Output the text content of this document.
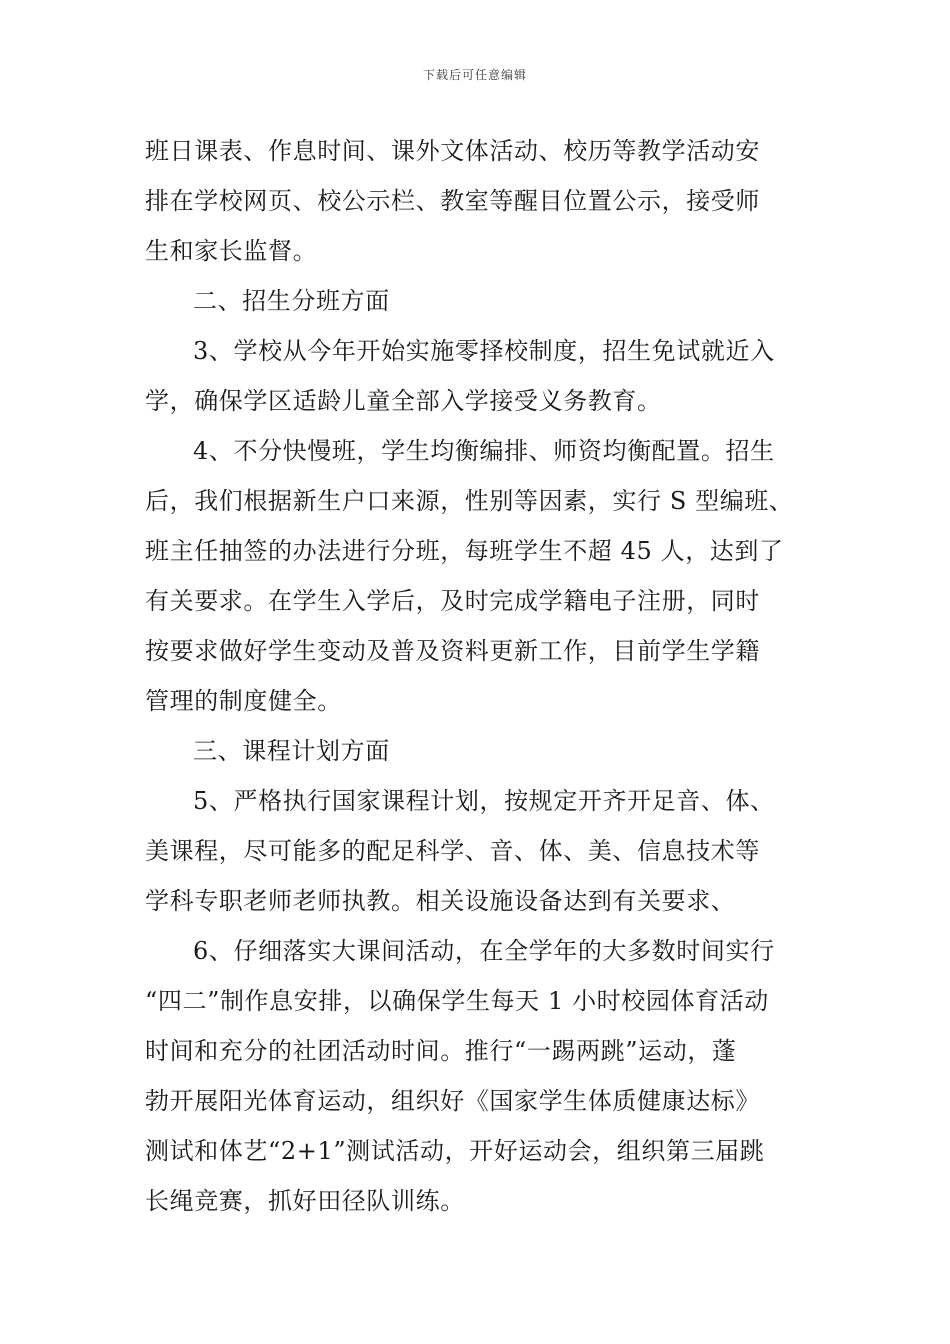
下载后可任意编辑
班日课表、作息时间、课外文体活动、校历等教学活动安
排在学校网页、校公示栏、教室等醒目位置公示，接受师
生和家长监督。
二、招生分班方面
3、学校从今年开始实施零择校制度，招生免试就近入
学，确保学区适龄儿童全部入学接受义务教育。
4、不分快慢班，学生均衡编排、师资均衡配置。招生
后，我们根据新生户口来源，性别等因素，实行 S 型编班、
班主任抽签的办法进行分班，每班学生不超 45 人，达到了
有关要求。在学生入学后，及时完成学籍电子注册，同时
按要求做好学生变动及普及资料更新工作，目前学生学籍
管理的制度健全。
三、课程计划方面
5、严格执行国家课程计划，按规定开齐开足音、体、
美课程，尽可能多的配足科学、音、体、美、信息技术等
学科专职老师老师执教。相关设施设备达到有关要求、
6、仔细落实大课间活动，在全学年的大多数时间实行
“四二”制作息安排，以确保学生每天 1 小时校园体育活动
时间和充分的社团活动时间。推行“一踢两跳”运动，蓬
勃开展阳光体育运动，组织好《国家学生体质健康达标》
测试和体艺“2+1”测试活动，开好运动会，组织第三届跳
长绳竞赛，抓好田径队训练。
